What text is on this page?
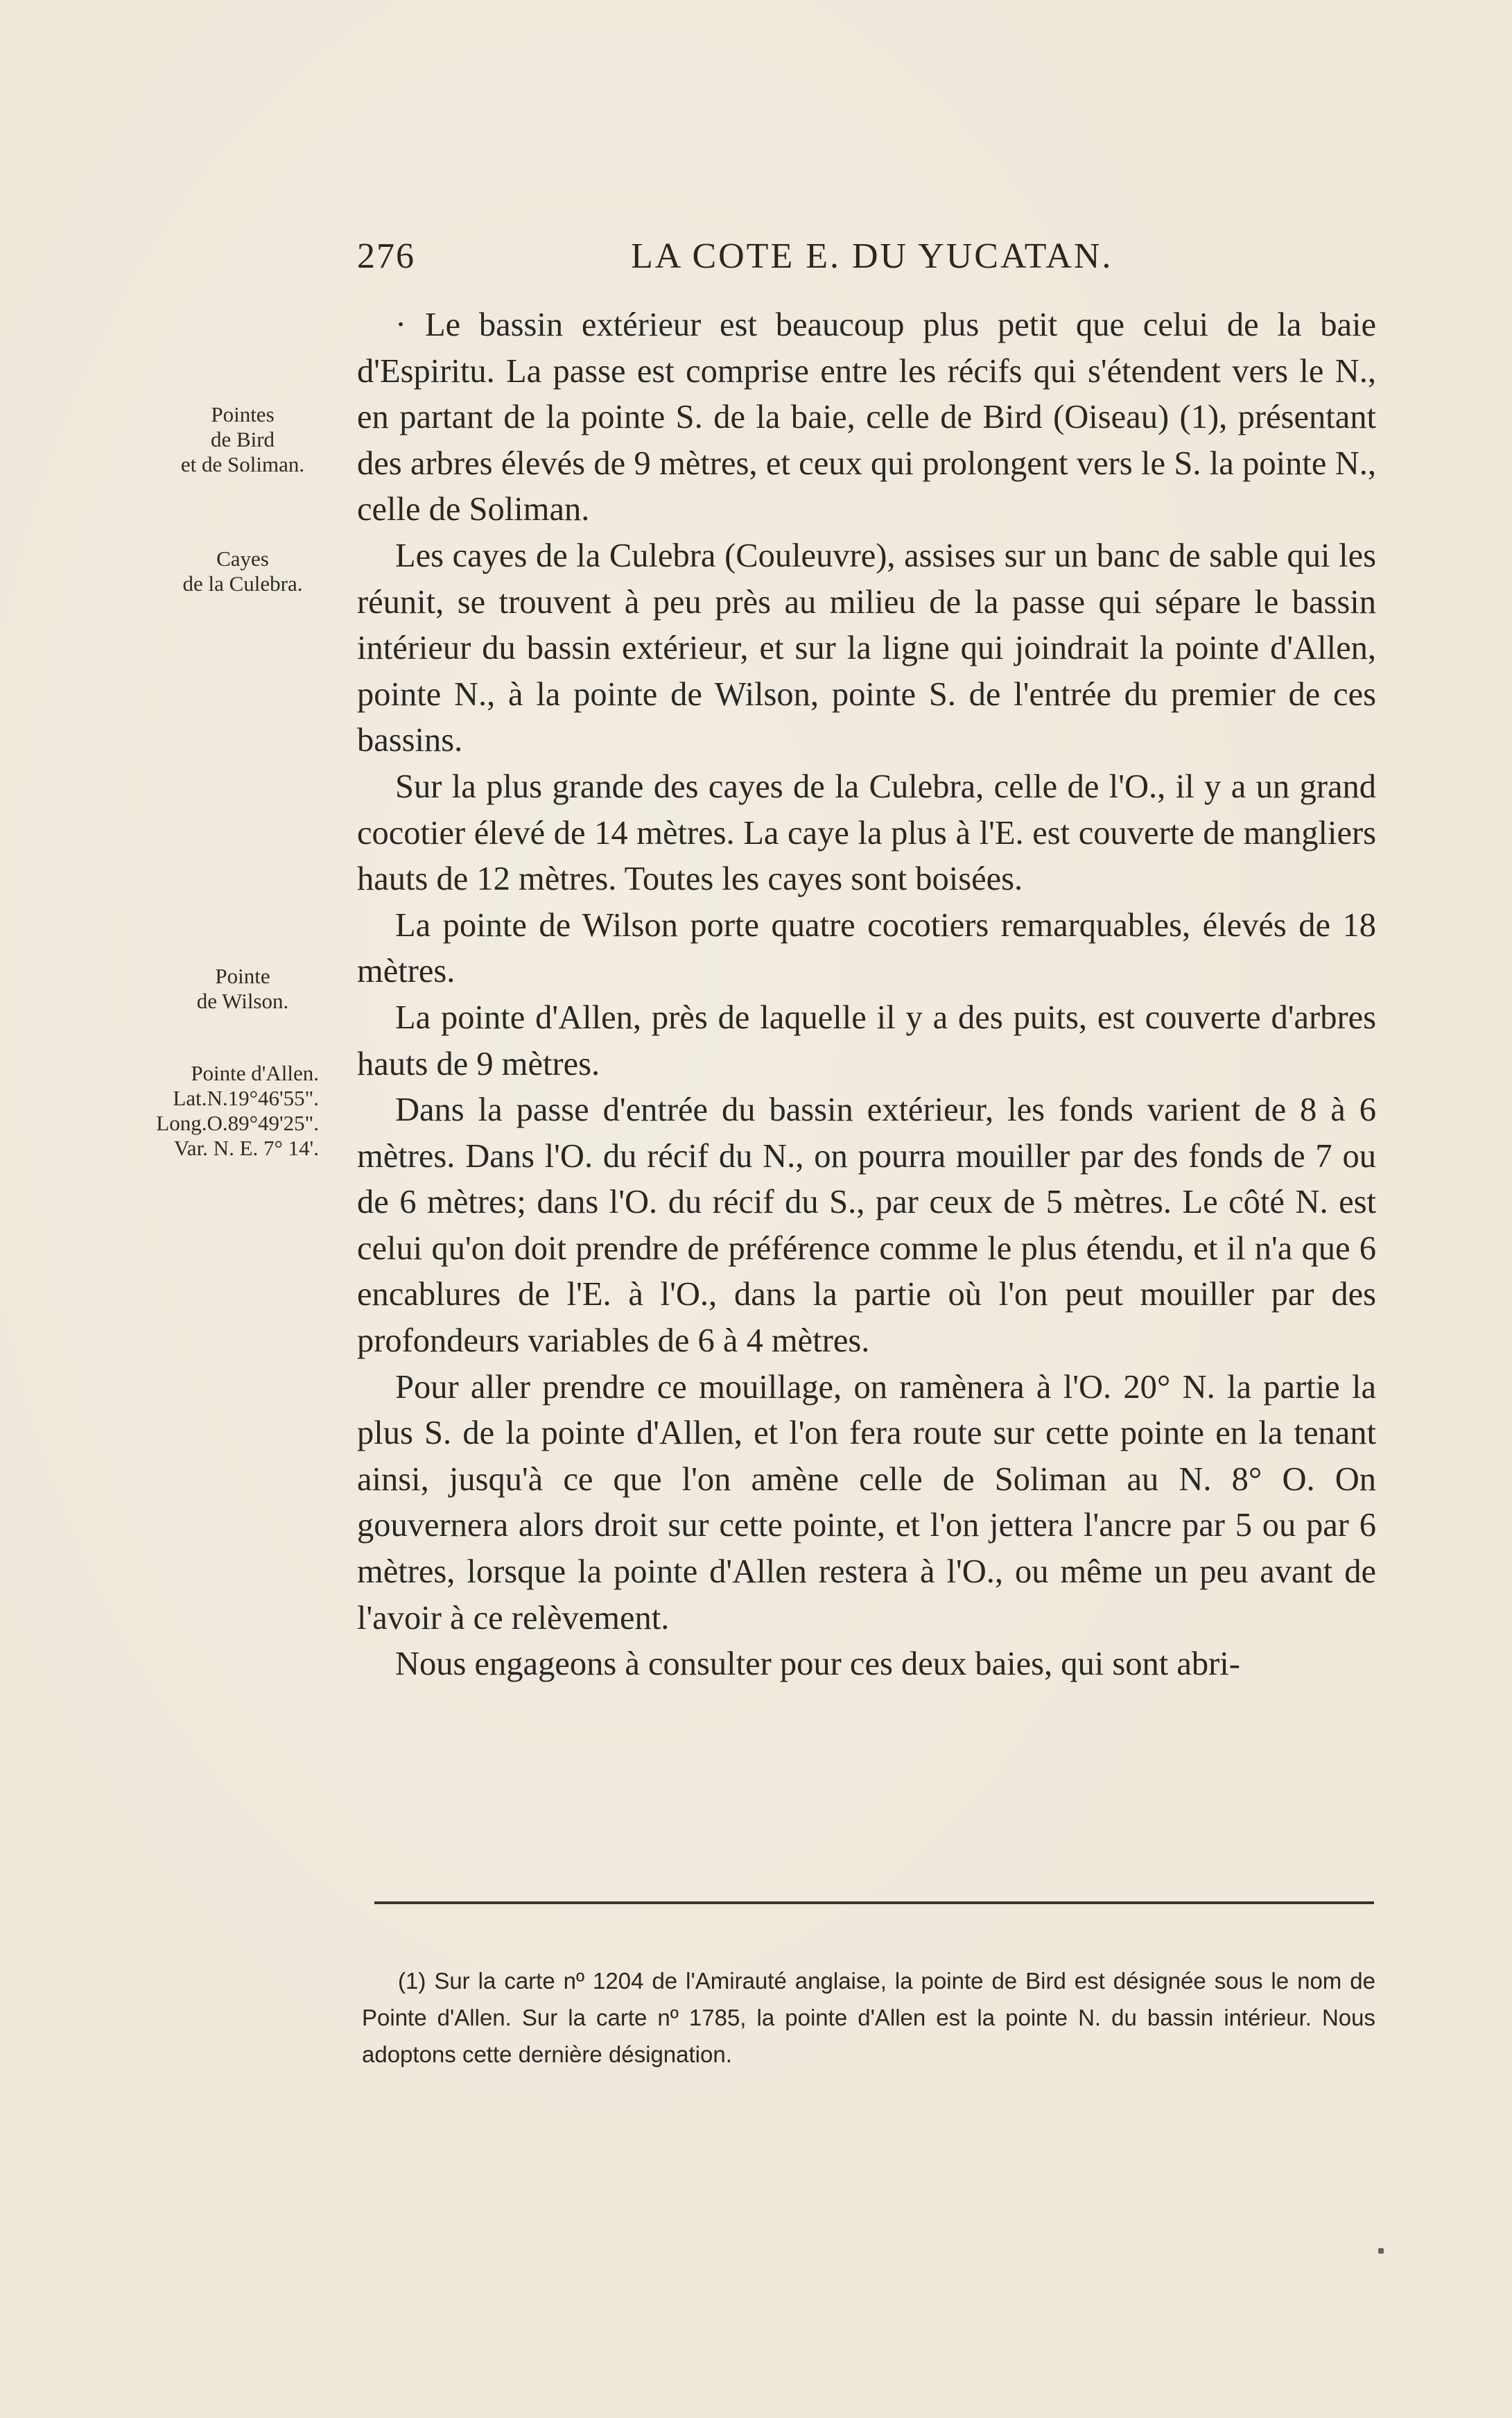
276	LA COTE E. DU YUCATAN.
Pointes
de Bird
et de Soliman.
Cayes
de la Culebra.
Pointe
de Wilson.
Pointe d'Allen.
Lat.N.19°46'55".
Long.O.89°49'25".
Var. N. E. 7° 14'.

· Le bassin extérieur est beaucoup plus petit que celui de la baie d'Espiritu. La passe est comprise entre les récifs qui s'étendent vers le N., en partant de la pointe S. de la baie, celle de Bird (Oiseau) (1), présentant des arbres élevés de 9 mètres, et ceux qui prolongent vers le S. la pointe N., celle de Soliman.

Les cayes de la Culebra (Couleuvre), assises sur un banc de sable qui les réunit, se trouvent à peu près au milieu de la passe qui sépare le bassin intérieur du bassin extérieur, et sur la ligne qui joindrait la pointe d'Allen, pointe N., à la pointe de Wilson, pointe S. de l'entrée du premier de ces bassins.

Sur la plus grande des cayes de la Culebra, celle de l'O., il y a un grand cocotier élevé de 14 mètres. La caye la plus à l'E. est couverte de mangliers hauts de 12 mètres. Toutes les cayes sont boisées.

La pointe de Wilson porte quatre cocotiers remarquables, élevés de 18 mètres.

La pointe d'Allen, près de laquelle il y a des puits, est couverte d'arbres hauts de 9 mètres.

Dans la passe d'entrée du bassin extérieur, les fonds varient de 8 à 6 mètres. Dans l'O. du récif du N., on pourra mouiller par des fonds de 7 ou de 6 mètres; dans l'O. du récif du S., par ceux de 5 mètres. Le côté N. est celui qu'on doit prendre de préférence comme le plus étendu, et il n'a que 6 encablures de l'E. à l'O., dans la partie où l'on peut mouiller par des profondeurs variables de 6 à 4 mètres.

Pour aller prendre ce mouillage, on ramènera à l'O. 20° N. la partie la plus S. de la pointe d'Allen, et l'on fera route sur cette pointe en la tenant ainsi, jusqu'à ce que l'on amène celle de Soliman au N. 8° O. On gouvernera alors droit sur cette pointe, et l'on jettera l'ancre par 5 ou par 6 mètres, lorsque la pointe d'Allen restera à l'O., ou même un peu avant de l'avoir à ce relèvement.

Nous engageons à consulter pour ces deux baies, qui sont abri-

(1) Sur la carte nº 1204 de l'Amirauté anglaise, la pointe de Bird est désignée sous le nom de Pointe d'Allen. Sur la carte nº 1785, la pointe d'Allen est la pointe N. du bassin intérieur. Nous adoptons cette dernière désignation.
